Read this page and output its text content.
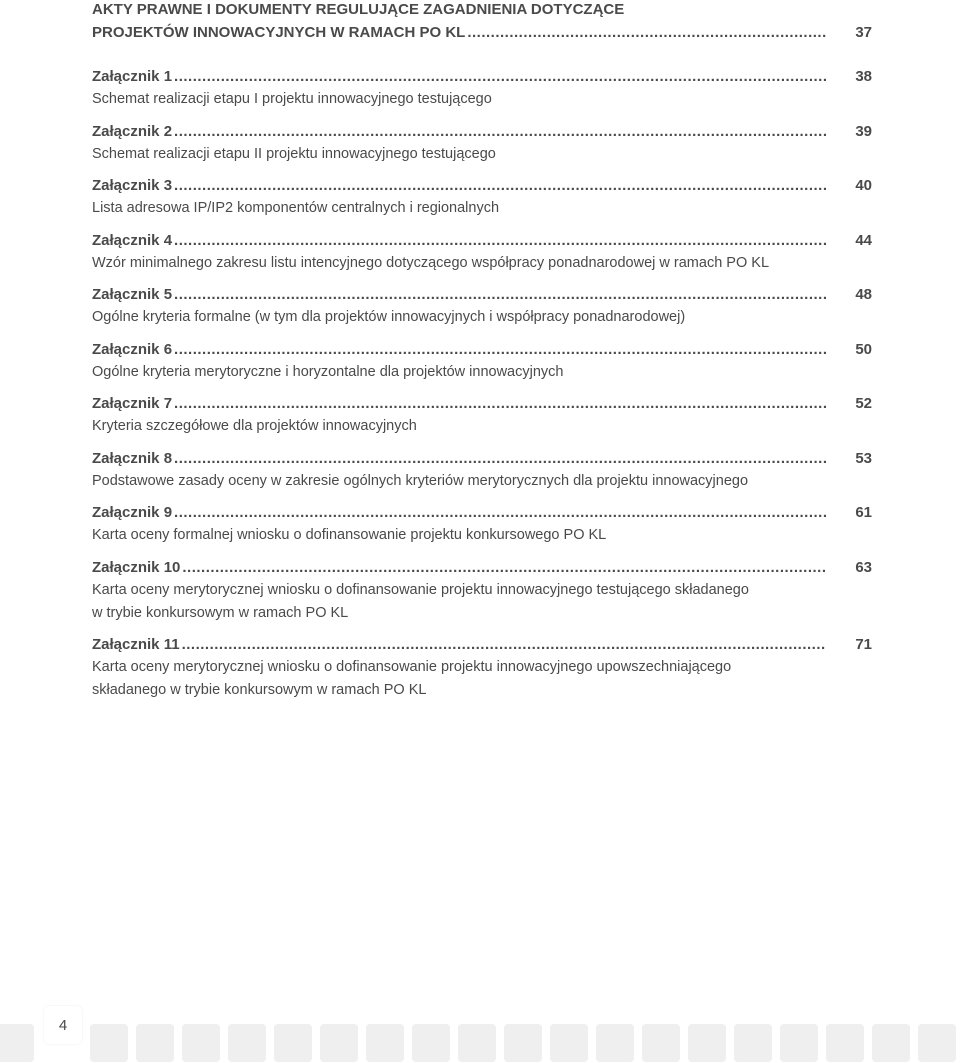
AKTY PRAWNE I DOKUMENTY REGULUJĄCE ZAGADNIENIA DOTYCZĄCE
PROJEKTÓW INNOWACYJNYCH W RAMACH PO KL .....	37
Załącznik 1 .....	38
Schemat realizacji etapu I projektu innowacyjnego testującego
Załącznik 2 .....	39
Schemat realizacji etapu II projektu innowacyjnego testującego
Załącznik 3 .....	40
Lista adresowa IP/IP2 komponentów centralnych i regionalnych
Załącznik 4 .....	44
Wzór minimalnego zakresu listu intencyjnego dotyczącego współpracy ponadnarodowej w ramach PO KL
Załącznik 5 .....	48
Ogólne kryteria formalne (w tym dla projektów innowacyjnych i współpracy ponadnarodowej)
Załącznik 6 .....	50
Ogólne kryteria merytoryczne i horyzontalne dla projektów innowacyjnych
Załącznik 7 .....	52
Kryteria szczegółowe dla projektów innowacyjnych
Załącznik 8 .....	53
Podstawowe zasady oceny w zakresie ogólnych kryteriów merytorycznych dla projektu innowacyjnego
Załącznik 9 .....	61
Karta oceny formalnej wniosku o dofinansowanie projektu konkursowego PO KL
Załącznik 10 .....	63
Karta oceny merytorycznej wniosku o dofinansowanie projektu innowacyjnego testującego składanego
w trybie konkursowym w ramach PO KL
Załącznik 11 .....	71
Karta oceny merytorycznej wniosku o dofinansowanie projektu innowacyjnego upowszechniającego
składanego w trybie konkursowym w ramach PO KL
4
